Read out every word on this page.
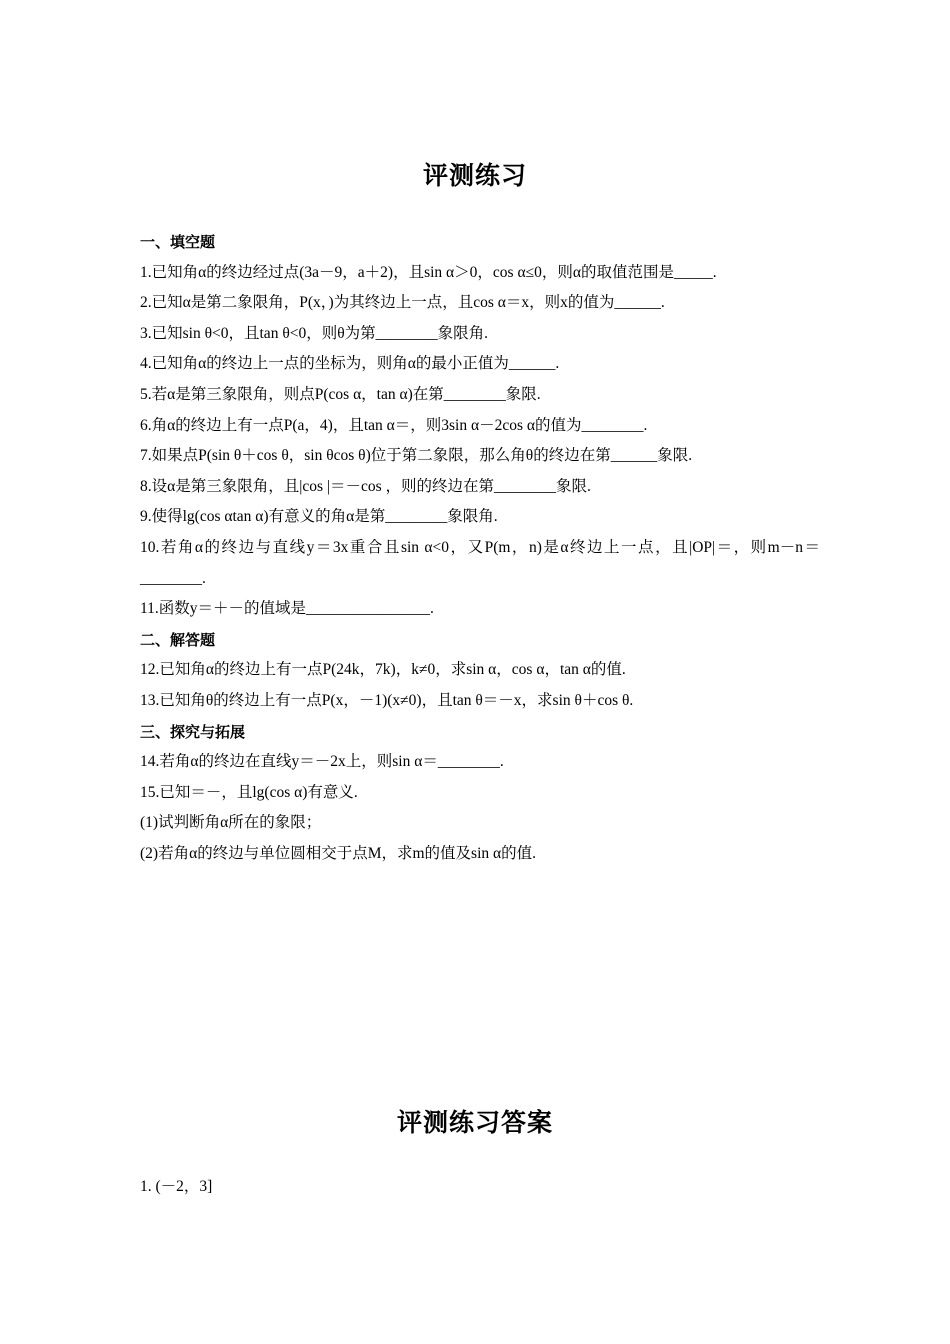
评测练习

一、填空题

1.已知角α的终边经过点(3a－9，a＋2)，且sin α＞0，cos α≤0，则α的取值范围是_____.

2.已知α是第二象限角，P(x，)为其终边上一点，且cos α＝x，则x的值为______.

3.已知sin θ<0，且tan θ<0，则θ为第________象限角.

4.已知角α的终边上一点的坐标为，则角α的最小正值为______.

5.若α是第三象限角，则点P(cos α，tan α)在第________象限.

6.角α的终边上有一点P(a，4)，且tan α＝，则3sin α－2cos α的值为________.

7.如果点P(sin θ＋cos θ，sin θcos θ)位于第二象限，那么角θ的终边在第______象限.

8.设α是第三象限角，且|cos |＝－cos ，则的终边在第________象限.

9.使得lg(cos αtan α)有意义的角α是第________象限角.

10.若角α的终边与直线y＝3x重合且sin α<0，又P(m，n)是α终边上一点，且|OP|＝，则m－n＝________.

11.函数y＝＋－的值域是________________.

二、解答题

12.已知角α的终边上有一点P(24k，7k)，k≠0，求sin α，cos α，tan α的值.

13.已知角θ的终边上有一点P(x，－1)(x≠0)，且tan θ＝－x，求sin θ＋cos θ.

三、探究与拓展

14.若角α的终边在直线y＝－2x上，则sin α＝________.

15.已知＝－，且lg(cos α)有意义.

(1)试判断角α所在的象限；

(2)若角α的终边与单位圆相交于点M，求m的值及sin α的值.

评测练习答案

1. (－2，3]
